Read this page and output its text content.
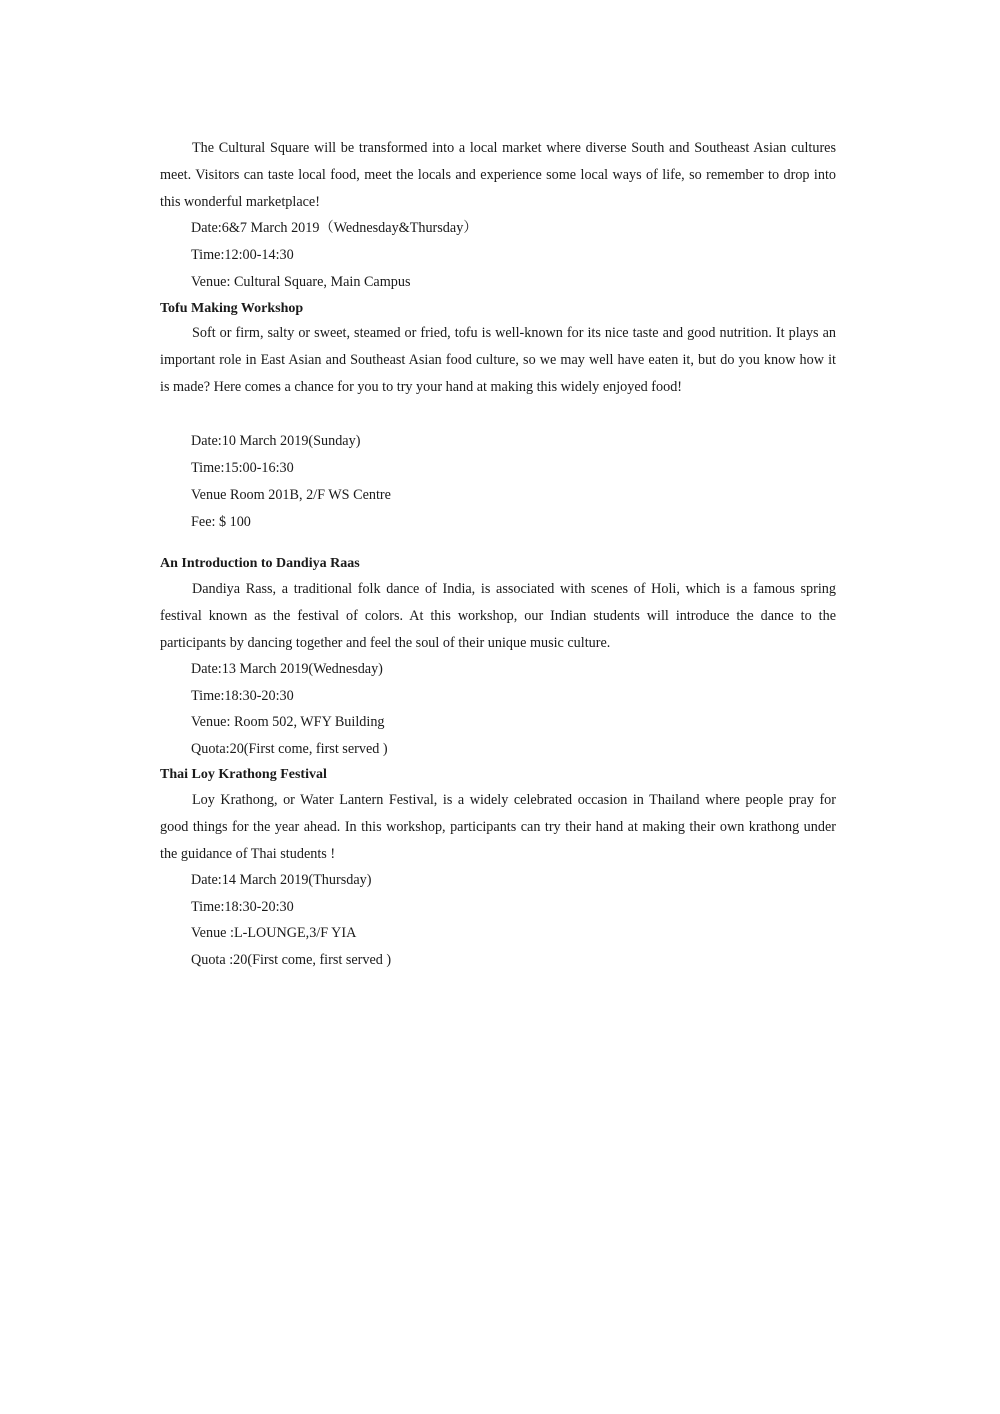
The Cultural Square will be transformed into a local market where diverse South and Southeast Asian cultures meet. Visitors can taste local food, meet the locals and experience some local ways of life, so remember to drop into this wonderful marketplace!

Date:6&7 March 2019（Wednesday&Thursday）

Time:12:00-14:30

Venue: Cultural Square, Main Campus

Tofu Making Workshop

Soft or firm, salty or sweet, steamed or fried, tofu is well-known for its nice taste and good nutrition. It plays an important role in East Asian and Southeast Asian food culture, so we may well have eaten it, but do you know how it is made? Here comes a chance for you to try your hand at making this widely enjoyed food!

Date:10 March 2019(Sunday)

Time:15:00-16:30

Venue Room 201B, 2/F WS Centre

Fee: $ 100

An Introduction to Dandiya Raas

Dandiya Rass, a traditional folk dance of India, is associated with scenes of Holi, which is a famous spring festival known as the festival of colors. At this workshop, our Indian students will introduce the dance to the participants by dancing together and feel the soul of their unique music culture.

Date:13 March 2019(Wednesday)

Time:18:30-20:30

Venue: Room 502, WFY Building

Quota:20(First come, first served )

Thai Loy Krathong Festival

Loy Krathong, or Water Lantern Festival, is a widely celebrated occasion in Thailand where people pray for good things for the year ahead. In this workshop, participants can try their hand at making their own krathong under the guidance of Thai students !

Date:14 March 2019(Thursday)

Time:18:30-20:30

Venue :L-LOUNGE,3/F YIA

Quota :20(First come, first served )
